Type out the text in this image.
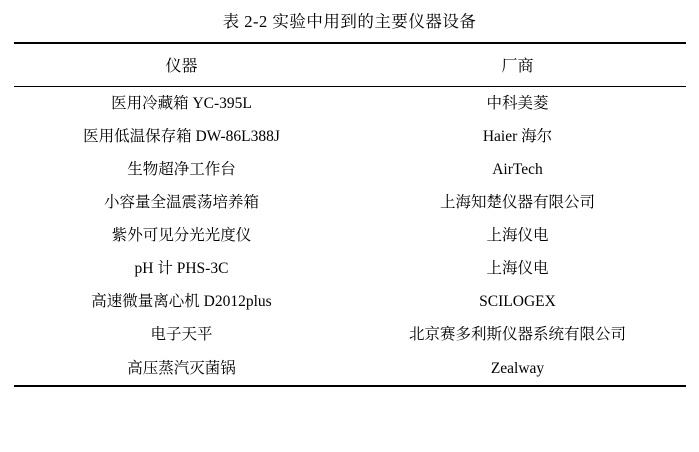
表 2-2 实验中用到的主要仪器设备
仪器	厂商
医用冷藏箱 YC-395L	中科美菱
医用低温保存箱 DW-86L388J	Haier 海尔
生物超净工作台	AirTech
小容量全温震荡培养箱	上海知楚仪器有限公司
紫外可见分光光度仪	上海仪电
pH 计 PHS-3C	上海仪电
高速微量离心机 D2012plus	SCILOGEX
电子天平	北京赛多利斯仪器系统有限公司
高压蒸汽灭菌锅	Zealway
